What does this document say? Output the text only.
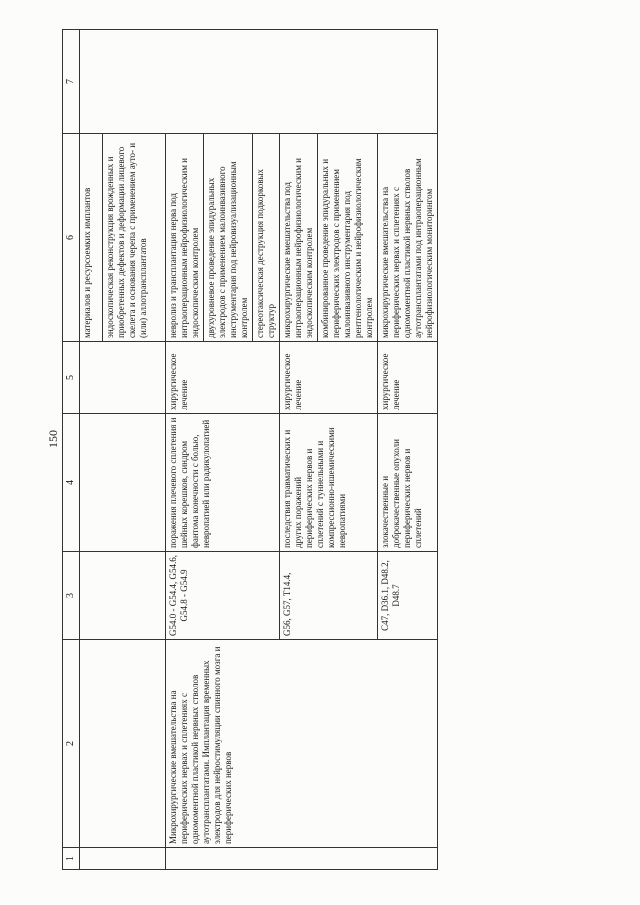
150
1	2	3	4	5	6	7
					материалов и ресурсоемких имплантов	
					эндоскопическая реконструкция врожденных и приобретенных дефектов и деформации лицевого скелета и основания черепа с применением ауто- и (или) аллотрансплантатов	
	Микрохирургические вмешательства на периферических нервах и сплетениях с одномоментной пластикой нервных стволов аутотрансплантатами. Имплантация временных электродов для нейростимуляции спинного мозга и периферических нервов	G54.0 - G54.4, G54.6, G54.8 - G54.9	поражения плечевого сплетения и шейных корешков, синдром фантома конечности с болью, невропатией или радикулопатией	хирургическое лечение	невролиз и трансплантация нерва под интраоперационным нейрофизиологическим и эндоскопическим контролем	
					двухуровневое проведение эпидуральных электродов с применением малоинвазивного инструментария под нейровизуализационным контролем	
					стереотаксическая деструкция подкорковых структур	
		G56, G57, T14.4,	последствия травматических и других поражений периферических нервов и сплетений с туннельными и компрессионно-ишемическими невропатиями	хирургическое лечение	микрохирургические вмешательства под интраоперационным нейрофизиологическим и эндоскопическим контролем	
					комбинированное проведение эпидуральных и периферических электродов с применением малоинвазивного инструментария под рентгенологическим и нейрофизиологическим контролем	
		C47, D36.1, D48.2, D48.7	злокачественные и доброкачественные опухоли периферических нервов и сплетений	хирургическое лечение	микрохирургические вмешательства на периферических нервах и сплетениях с одномоментной пластикой нервных стволов аутотрансплантатами под интраоперационным нейрофизиологическим мониторингом	
